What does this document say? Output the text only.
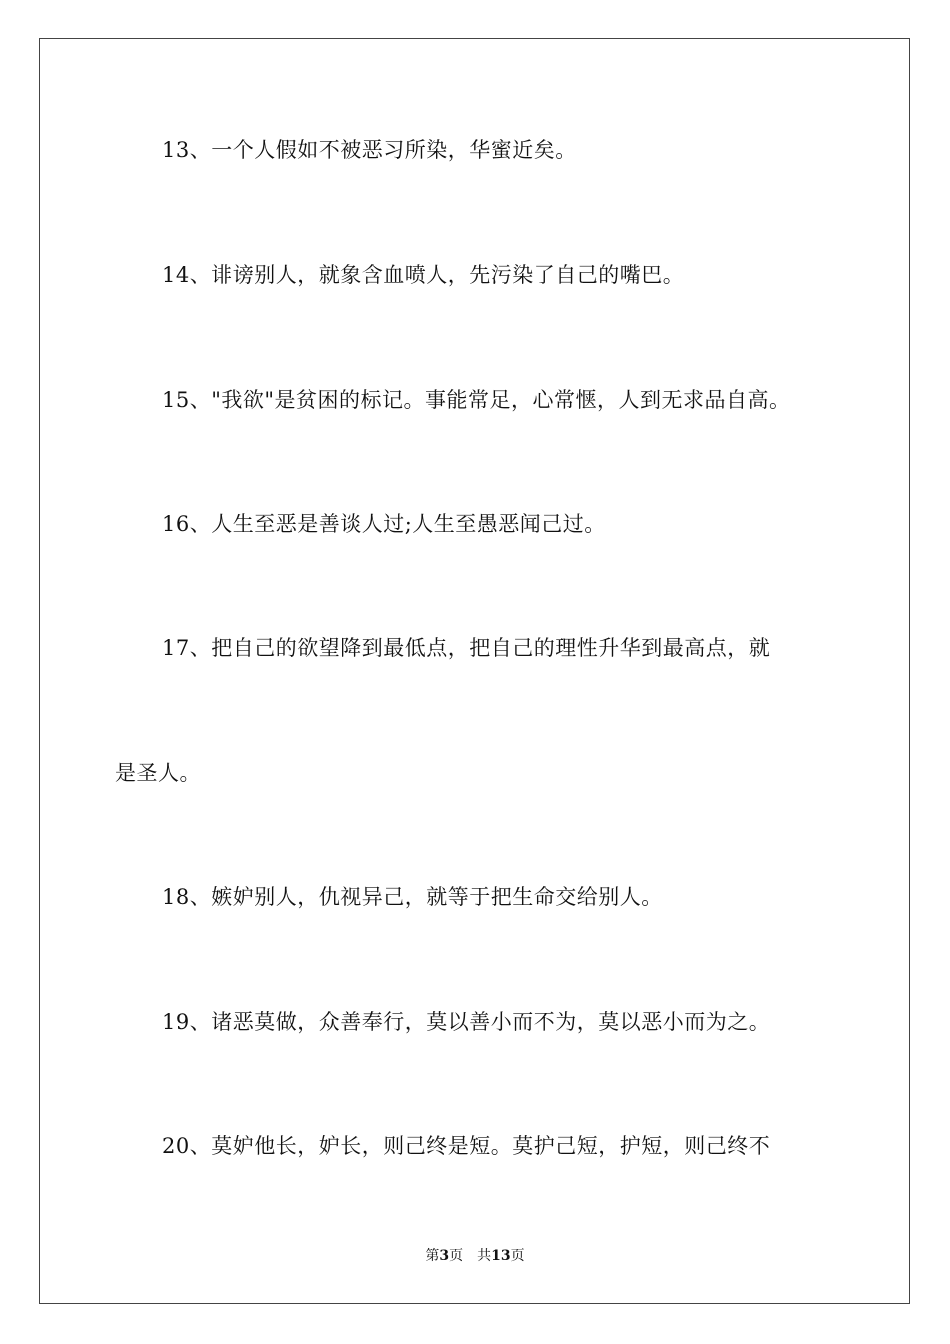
13、一个人假如不被恶习所染，华蜜近矣。
14、诽谤别人，就象含血喷人，先污染了自己的嘴巴。
15、"我欲"是贫困的标记。事能常足，心常惬，人到无求品自高。
16、人生至恶是善谈人过;人生至愚恶闻己过。
17、把自己的欲望降到最低点，把自己的理性升华到最高点，就
是圣人。
18、嫉妒别人，仇视异己，就等于把生命交给别人。
19、诸恶莫做，众善奉行，莫以善小而不为，莫以恶小而为之。
20、莫妒他长，妒长，则己终是短。莫护己短，护短，则己终不
第3页 共13页
